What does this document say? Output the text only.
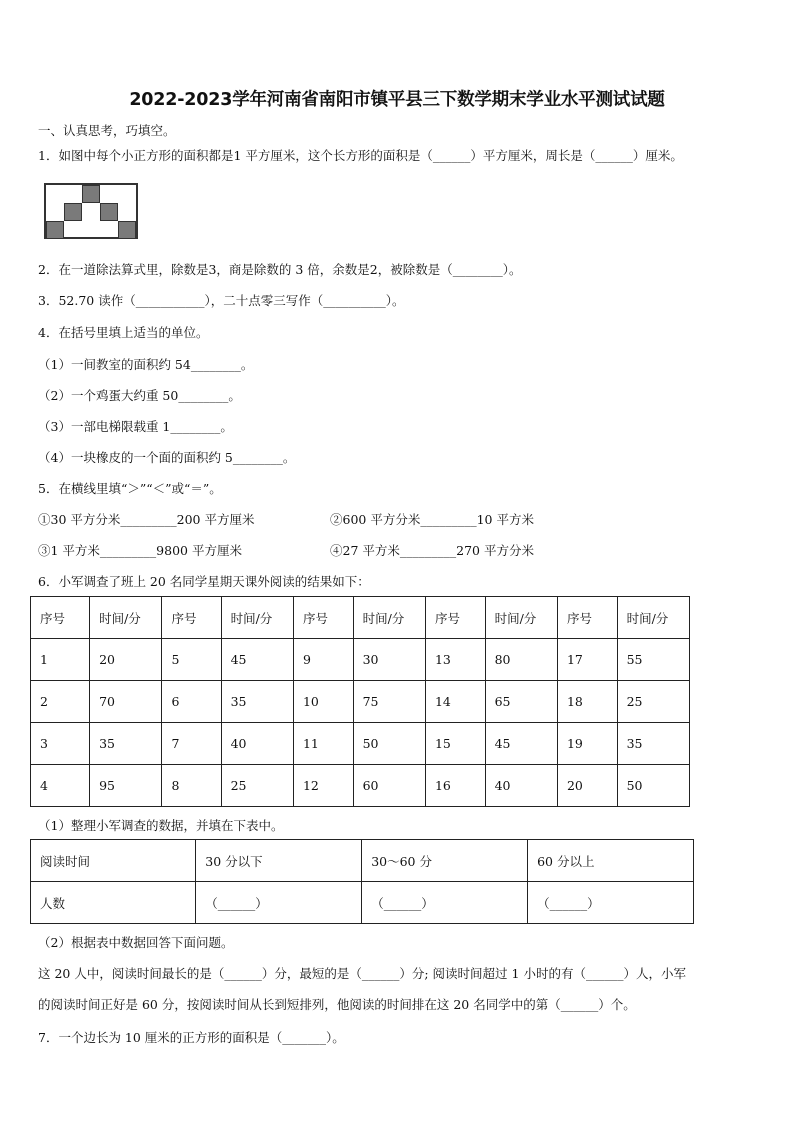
2022-2023学年河南省南阳市镇平县三下数学期末学业水平测试试题
一、认真思考，巧填空。
1．如图中每个小正方形的面积都是1 平方厘米，这个长方形的面积是（______）平方厘米，周长是（______）厘米。
2．在一道除法算式里，除数是3，商是除数的 3 倍，余数是2，被除数是（________）。
3．52.70 读作（___________），二十点零三写作（__________）。
4．在括号里填上适当的单位。
（1）一间教室的面积约 54________。
（2）一个鸡蛋大约重 50________。
（3）一部电梯限载重 1________。
（4）一块橡皮的一个面的面积约 5________。
5．在横线里填“＞”“＜”或“＝”。
①30 平方分米_________200 平方厘米	②600 平方分米_________10 平方米
③1 平方米_________9800 平方厘米	④27 平方米_________270 平方分米
6．小军调查了班上 20 名同学星期天课外阅读的结果如下：
序号	时间/分	序号	时间/分	序号	时间/分	序号	时间/分	序号	时间/分
1	20	5	45	9	30	13	80	17	55
2	70	6	35	10	75	14	65	18	25
3	35	7	40	11	50	15	45	19	35
4	95	8	25	12	60	16	40	20	50
（1）整理小军调查的数据，并填在下表中。
阅读时间	30 分以下	30～60 分	60 分以上
人数	（______）	（______）	（______）
（2）根据表中数据回答下面问题。
这 20 人中，阅读时间最长的是（______）分，最短的是（______）分; 阅读时间超过 1 小时的有（______）人，小军
的阅读时间正好是 60 分，按阅读时间从长到短排列，他阅读的时间排在这 20 名同学中的第（______）个。
7．一个边长为 10 厘米的正方形的面积是（_______）。
